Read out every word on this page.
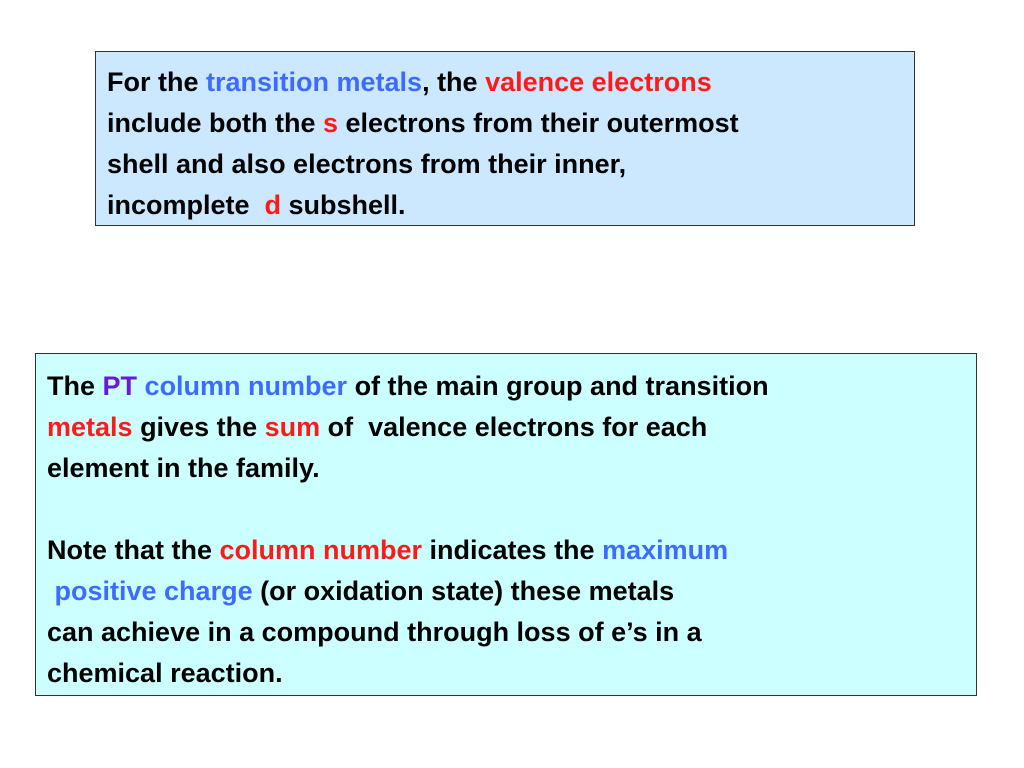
For the transition metals, the valence electrons
include both the s electrons from their outermost
shell and also electrons from their inner,
incomplete  d subshell.
The PT column number of the main group and transition
metals gives the sum of  valence electrons for each
element in the family.
Note that the column number indicates the maximum
positive charge (or oxidation state) these metals
can achieve in a compound through loss of e’s in a
chemical reaction.
